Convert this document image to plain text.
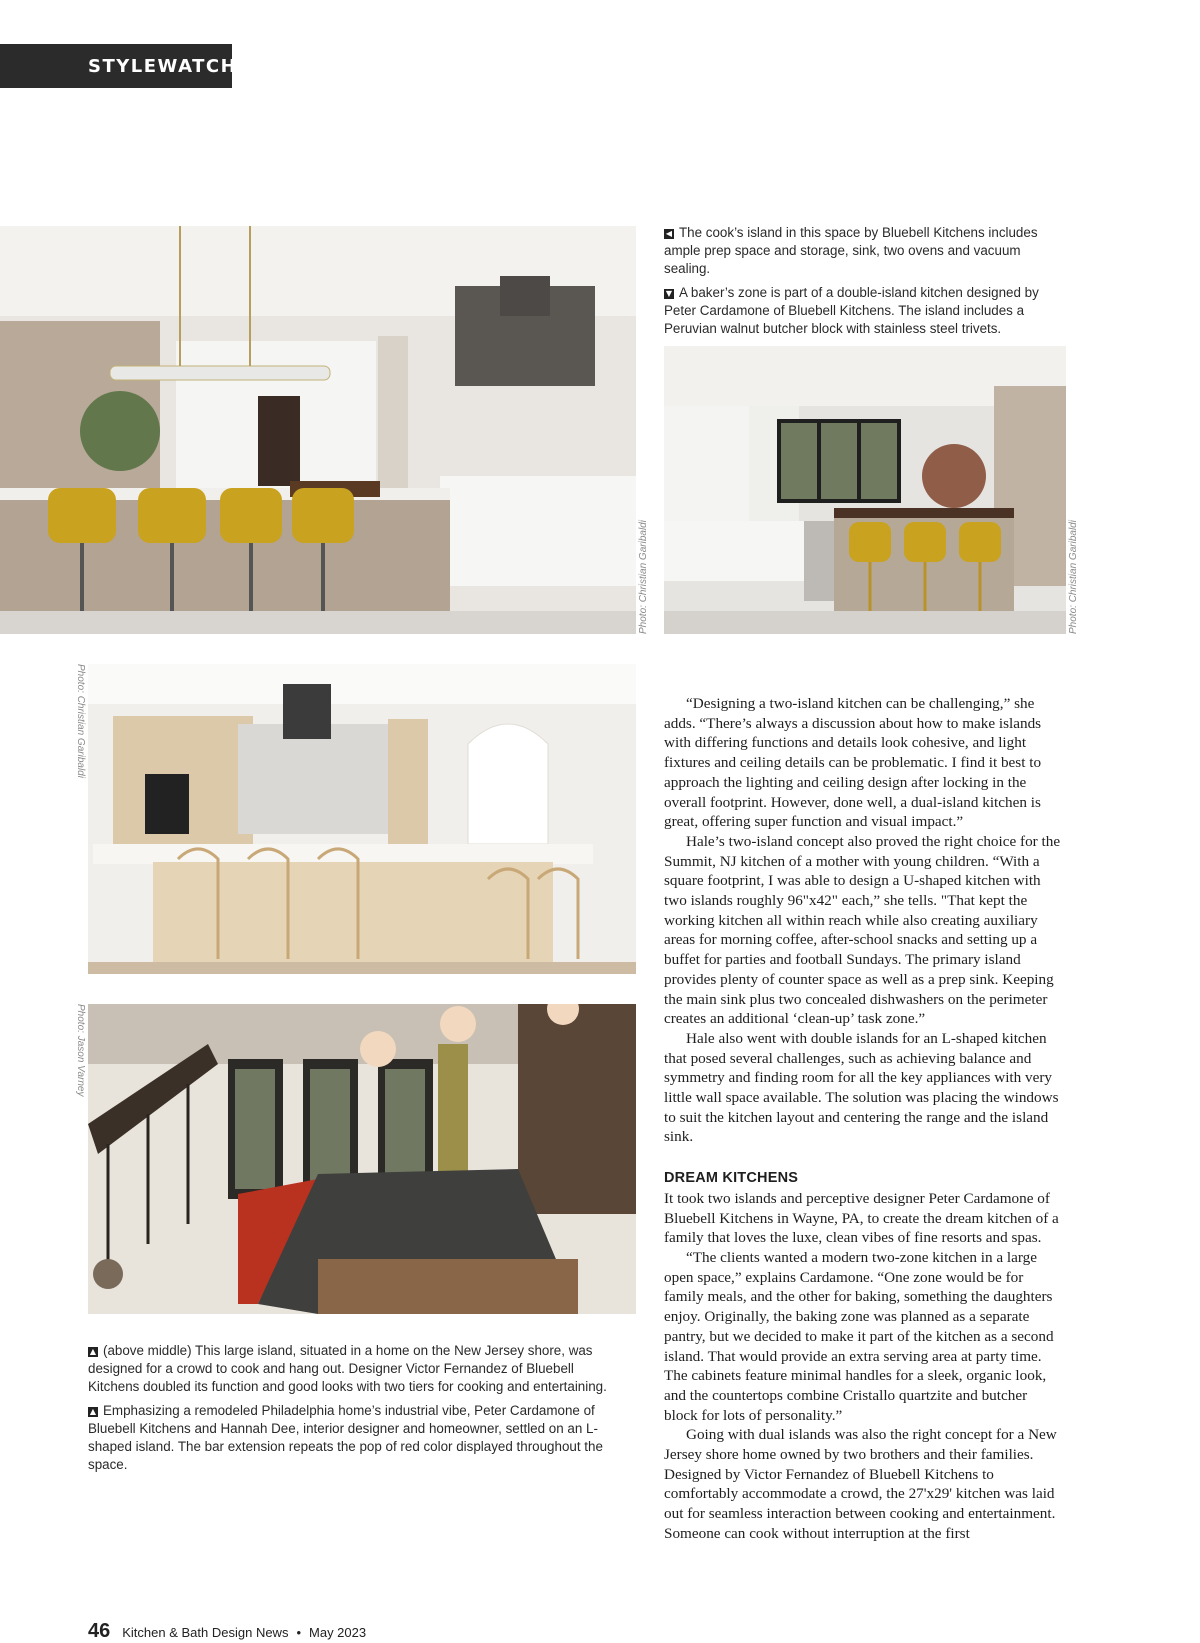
STYLEWATCH
Photo: Christian Garibaldi

◀ The cook’s island in this space by Bluebell Kitchens includes ample prep space and storage, sink, two ovens and vacuum sealing.

▼ A baker’s zone is part of a double-island kitchen designed by Peter Cardamone of Bluebell Kitchens. The island includes a Peruvian walnut butcher block with stainless steel trivets.

Photo: Christian Garibaldi
Photo: Christian Garibaldi
Photo: Jason Varney

▲ (above middle) This large island, situated in a home on the New Jersey shore, was designed for a crowd to cook and hang out. Designer Victor Fernandez of Bluebell Kitchens doubled its function and good looks with two tiers for cooking and entertaining.

▲ Emphasizing a remodeled Philadelphia home’s industrial vibe, Peter Cardamone of Bluebell Kitchens and Hannah Dee, interior designer and homeowner, settled on an L-shaped island. The bar extension repeats the pop of red color displayed throughout the space.

“Designing a two-island kitchen can be challenging,” she adds. “There’s always a discussion about how to make islands with differing functions and details look cohesive, and light fixtures and ceiling details can be problematic. I find it best to approach the lighting and ceiling design after locking in the overall footprint. However, done well, a dual-island kitchen is great, offering super function and visual impact.”

Hale’s two-island concept also proved the right choice for the Summit, NJ kitchen of a mother with young children. “With a square footprint, I was able to design a U-shaped kitchen with two islands roughly 96"x42" each,” she tells. "That kept the working kitchen all within reach while also creating auxiliary areas for morning coffee, after-school snacks and setting up a buffet for parties and football Sundays. The primary island provides plenty of counter space as well as a prep sink. Keeping the main sink plus two concealed dishwashers on the perimeter creates an additional ‘clean-up’ task zone.”

Hale also went with double islands for an L-shaped kitchen that posed several challenges, such as achieving balance and symmetry and finding room for all the key appliances with very little wall space available. The solution was placing the windows to suit the kitchen layout and centering the range and the island sink.

DREAM KITCHENS

It took two islands and perceptive designer Peter Cardamone of Bluebell Kitchens in Wayne, PA, to create the dream kitchen of a family that loves the luxe, clean vibes of fine resorts and spas.

“The clients wanted a modern two-zone kitchen in a large open space,” explains Cardamone. “One zone would be for family meals, and the other for baking, something the daughters enjoy. Originally, the baking zone was planned as a separate pantry, but we decided to make it part of the kitchen as a second island. That would provide an extra serving area at party time. The cabinets feature minimal handles for a sleek, organic look, and the countertops combine Cristallo quartzite and butcher block for lots of personality.”

Going with dual islands was also the right concept for a New Jersey shore home owned by two brothers and their families. Designed by Victor Fernandez of Bluebell Kitchens to comfortably accommodate a crowd, the 27'x29' kitchen was laid out for seamless interaction between cooking and entertainment. Someone can cook without interruption at the first

46 Kitchen & Bath Design News • May 2023
